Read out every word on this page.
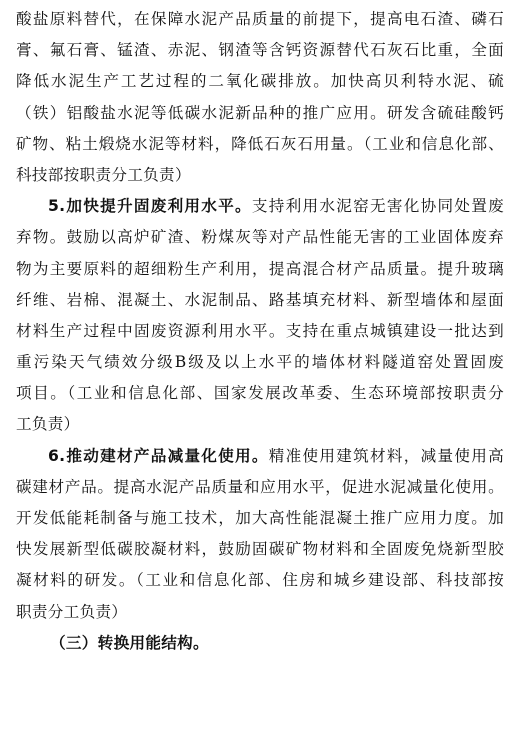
酸盐原料替代，在保障水泥产品质量的前提下，提高电石渣、磷石
膏、氟石膏、锰渣、赤泥、钢渣等含钙资源替代石灰石比重，全面
降低水泥生产工艺过程的二氧化碳排放。加快高贝利特水泥、硫
（铁）铝酸盐水泥等低碳水泥新品种的推广应用。研发含硫硅酸钙
矿物、粘土煅烧水泥等材料，降低石灰石用量。（工业和信息化部、
科技部按职责分工负责）
5.加快提升固废利用水平。支持利用水泥窑无害化协同处置废
弃物。鼓励以高炉矿渣、粉煤灰等对产品性能无害的工业固体废弃
物为主要原料的超细粉生产利用，提高混合材产品质量。提升玻璃
纤维、岩棉、混凝土、水泥制品、路基填充材料、新型墙体和屋面
材料生产过程中固废资源利用水平。支持在重点城镇建设一批达到
重污染天气绩效分级B级及以上水平的墙体材料隧道窑处置固废
项目。（工业和信息化部、国家发展改革委、生态环境部按职责分
工负责）
6.推动建材产品减量化使用。精准使用建筑材料，减量使用高
碳建材产品。提高水泥产品质量和应用水平，促进水泥减量化使用。
开发低能耗制备与施工技术，加大高性能混凝土推广应用力度。加
快发展新型低碳胶凝材料，鼓励固碳矿物材料和全固废免烧新型胶
凝材料的研发。（工业和信息化部、住房和城乡建设部、科技部按
职责分工负责）
（三）转换用能结构。
